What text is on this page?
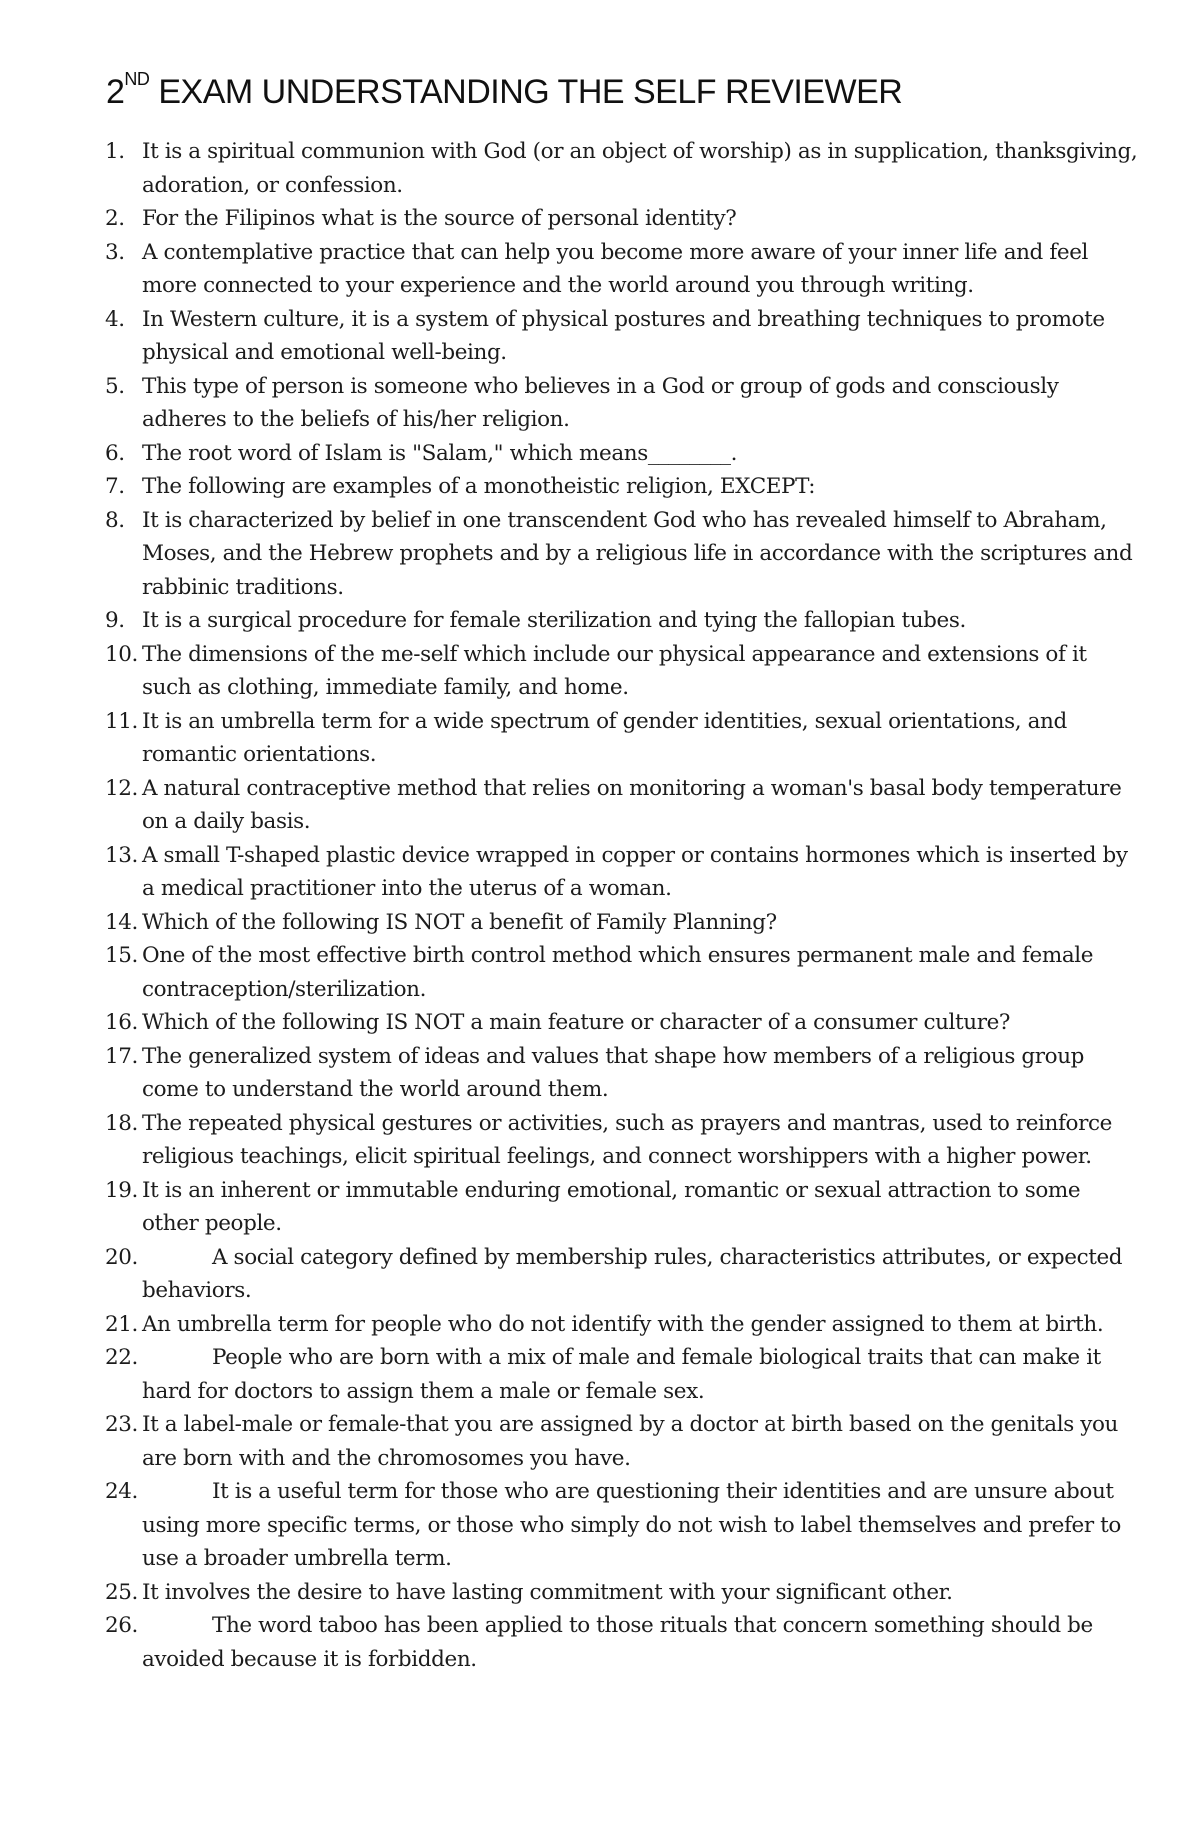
2ND EXAM UNDERSTANDING THE SELF REVIEWER
1. It is a spiritual communion with God (or an object of worship) as in supplication, thanksgiving, adoration, or confession.
2. For the Filipinos what is the source of personal identity?
3. A contemplative practice that can help you become more aware of your inner life and feel more connected to your experience and the world around you through writing.
4. In Western culture, it is a system of physical postures and breathing techniques to promote physical and emotional well-being.
5. This type of person is someone who believes in a God or group of gods and consciously adheres to the beliefs of his/her religion.
6. The root word of Islam is "Salam," which means________.
7. The following are examples of a monotheistic religion, EXCEPT:
8. It is characterized by belief in one transcendent God who has revealed himself to Abraham, Moses, and the Hebrew prophets and by a religious life in accordance with the scriptures and rabbinic traditions.
9. It is a surgical procedure for female sterilization and tying the fallopian tubes.
10. The dimensions of the me-self which include our physical appearance and extensions of it such as clothing, immediate family, and home.
11. It is an umbrella term for a wide spectrum of gender identities, sexual orientations, and romantic orientations.
12. A natural contraceptive method that relies on monitoring a woman's basal body temperature on a daily basis.
13. A small T-shaped plastic device wrapped in copper or contains hormones which is inserted by a medical practitioner into the uterus of a woman.
14. Which of the following IS NOT a benefit of Family Planning?
15. One of the most effective birth control method which ensures permanent male and female contraception/sterilization.
16. Which of the following IS NOT a main feature or character of a consumer culture?
17. The generalized system of ideas and values that shape how members of a religious group come to understand the world around them.
18. The repeated physical gestures or activities, such as prayers and mantras, used to reinforce religious teachings, elicit spiritual feelings, and connect worshippers with a higher power.
19. It is an inherent or immutable enduring emotional, romantic or sexual attraction to some other people.
20.	A social category defined by membership rules, characteristics attributes, or expected behaviors.
21. An umbrella term for people who do not identify with the gender assigned to them at birth.
22.	People who are born with a mix of male and female biological traits that can make it hard for doctors to assign them a male or female sex.
23. It a label-male or female-that you are assigned by a doctor at birth based on the genitals you are born with and the chromosomes you have.
24.	It is a useful term for those who are questioning their identities and are unsure about using more specific terms, or those who simply do not wish to label themselves and prefer to use a broader umbrella term.
25. It involves the desire to have lasting commitment with your significant other.
26.	The word taboo has been applied to those rituals that concern something should be avoided because it is forbidden.
